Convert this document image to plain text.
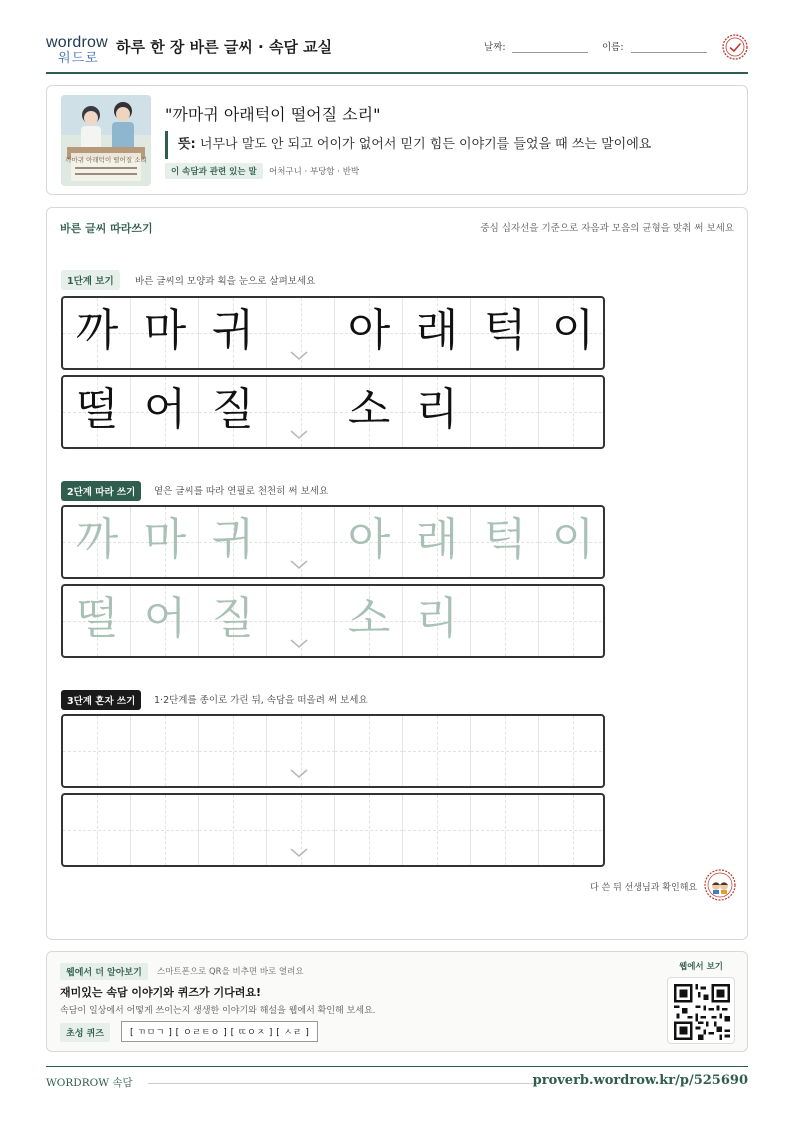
wordrow
워드로
하루 한 장 바른 글씨 · 속담 교실	날짜:	이름:
까마귀 아래턱이 떨어질 소리
"까마귀 아래턱이 떨어질 소리"
뜻: 너무나 말도 안 되고 어이가 없어서 믿기 힘든 이야기를 들었을 때 쓰는 말이에요
이 속담과 관련 있는 말	어처구니 · 부당함 · 반박
바른 글씨 따라쓰기	중심 십자선을 기준으로 자음과 모음의 균형을 맞춰 써 보세요
1단계 보기	바른 글씨의 모양과 획을 눈으로 살펴보세요
까 마 귀 아 래 턱 이
떨 어 질 소 리
2단계 따라 쓰기	옅은 글씨를 따라 연필로 천천히 써 보세요
까 마 귀 아 래 턱 이
떨 어 질 소 리
3단계 혼자 쓰기	1·2단계를 종이로 가린 뒤, 속담을 떠올려 써 보세요
다 쓴 뒤 선생님과 확인해요
웹에서 더 알아보기	스마트폰으로 QR을 비추면 바로 열려요
재미있는 속담 이야기와 퀴즈가 기다려요!
속담이 일상에서 어떻게 쓰이는지 생생한 이야기와 해설을 웹에서 확인해 보세요.
초성 퀴즈	[ ㄲㅁㄱ ] [ ㅇㄹㅌㅇ ] [ ㄸㅇㅈ ] [ ㅅㄹ ]
웹에서 보기
WORDROW 속담	proverb.wordrow.kr/p/525690
